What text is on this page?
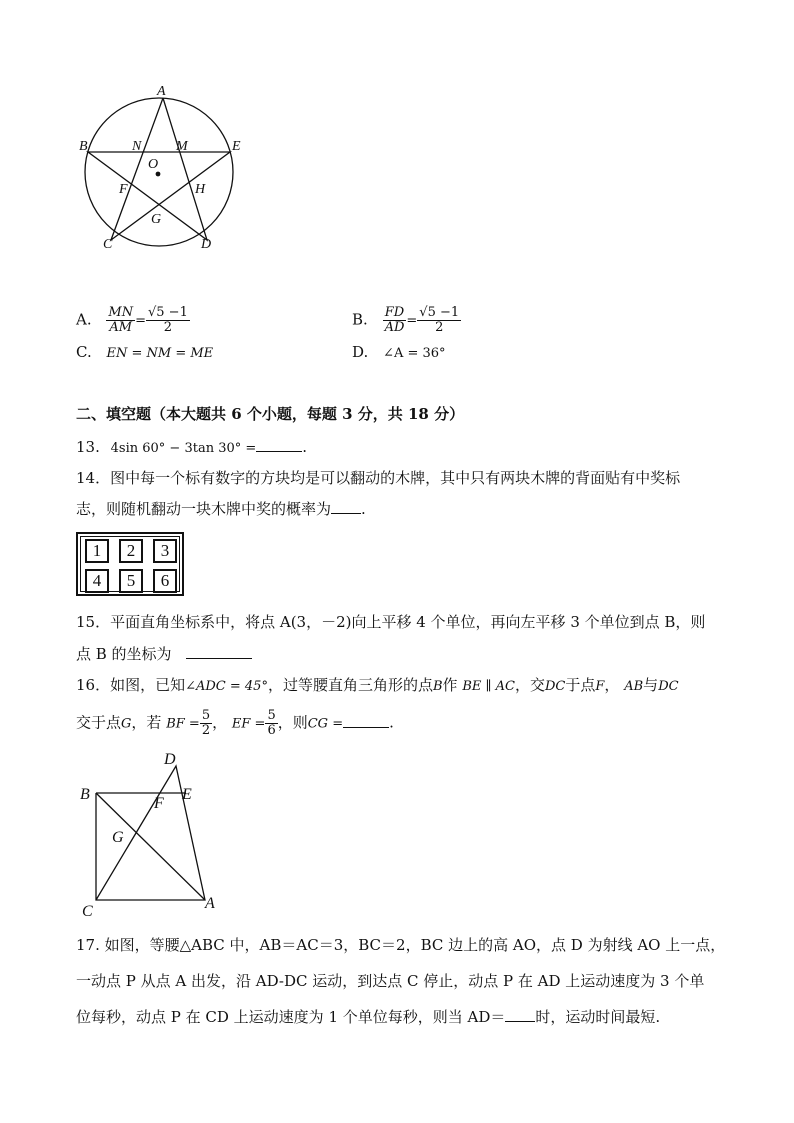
A
B	E
N M
O
F	H
G
C	D
A. $\frac{MN}{AM} = \frac{√5 -1}{2}$	B. $\frac{FD}{AD} = \frac{√5 -1}{2}$
C. EN = NM = ME	D. ∠A = 36°
二、填空题（本大题共 6 个小题，每题 3 分，共 18 分）
13. 4sin 60° − 3tan 30° =	.
14．图中每一个标有数字的方块均是可以翻动的木牌，其中只有两块木牌的背面贴有中奖标
志，则随机翻动一块木牌中奖的概率为 .
1	2	3
4	5	6
15．平面直角坐标系中，将点 A(3，－2)向上平移 4 个单位，再向左平移 3 个单位到点 B，则
点 B 的坐标为
16．如图，已知∠ADC = 45°，过等腰直角三角形的点B作 BE ∥ AC，交DC于点F， AB与DC
交于点G，若 BF = $\frac{5}{2}$ ， EF = $\frac{5}{6}$ ，则CG =	.
D
B	E
F
G
C	A
17. 如图，等腰△ABC 中，AB＝AC＝3，BC＝2，BC 边上的高 AO，点 D 为射线 AO 上一点，
一动点 P 从点 A 出发，沿 AD-DC 运动，到达点 C 停止，动点 P 在 AD 上运动速度为 3 个单
位每秒，动点 P 在 CD 上运动速度为 1 个单位每秒，则当 AD＝ 时，运动时间最短.
